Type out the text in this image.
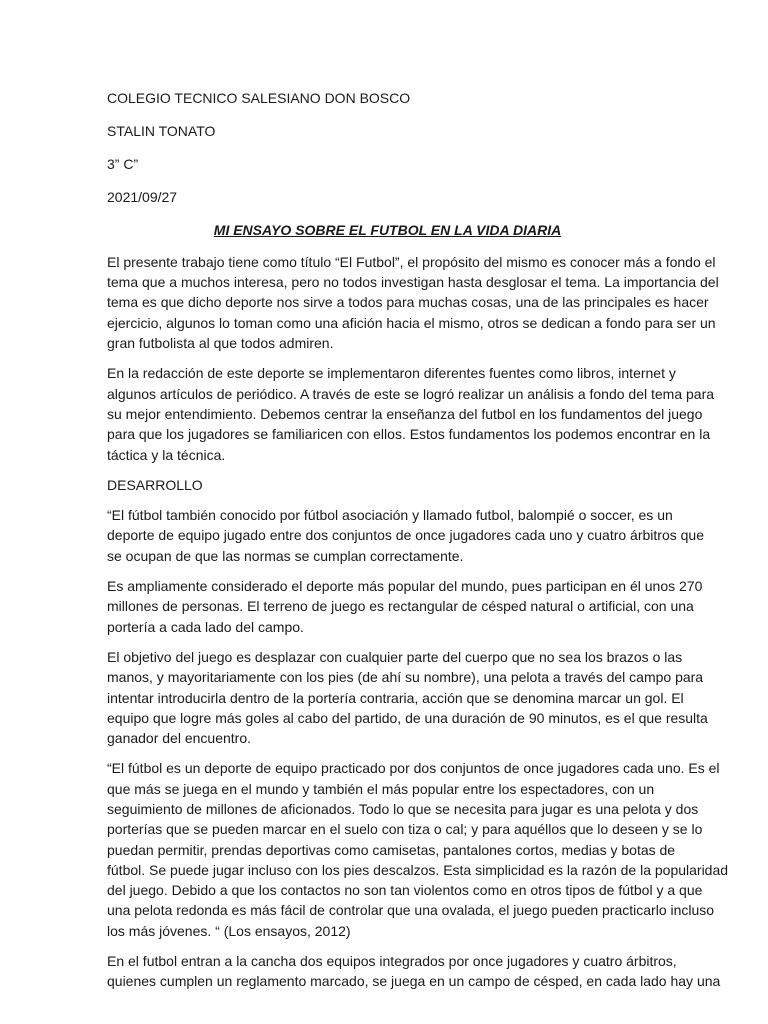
COLEGIO TECNICO SALESIANO DON BOSCO
STALIN TONATO
3” C”
2021/09/27
MI ENSAYO SOBRE EL FUTBOL EN LA VIDA DIARIA
El presente trabajo tiene como título “El Futbol”, el propósito del mismo es conocer más a fondo el
tema que a muchos interesa, pero no todos investigan hasta desglosar el tema. La importancia del
tema es que dicho deporte nos sirve a todos para muchas cosas, una de las principales es hacer
ejercicio, algunos lo toman como una afición hacia el mismo, otros se dedican a fondo para ser un
gran futbolista al que todos admiren.
En la redacción de este deporte se implementaron diferentes fuentes como libros, internet y
algunos artículos de periódico. A través de este se logró realizar un análisis a fondo del tema para
su mejor entendimiento. Debemos centrar la enseñanza del futbol en los fundamentos del juego
para que los jugadores se familiaricen con ellos. Estos fundamentos los podemos encontrar en la
táctica y la técnica.
DESARROLLO
“El fútbol también conocido por fútbol asociación y llamado futbol, balompié o soccer, es un
deporte de equipo jugado entre dos conjuntos de once jugadores cada uno y cuatro árbitros que
se ocupan de que las normas se cumplan correctamente.
Es ampliamente considerado el deporte más popular del mundo, pues participan en él unos 270
millones de personas. El terreno de juego es rectangular de césped natural o artificial, con una
portería a cada lado del campo.
El objetivo del juego es desplazar con cualquier parte del cuerpo que no sea los brazos o las
manos, y mayoritariamente con los pies (de ahí su nombre), una pelota a través del campo para
intentar introducirla dentro de la portería contraria, acción que se denomina marcar un gol. El
equipo que logre más goles al cabo del partido, de una duración de 90 minutos, es el que resulta
ganador del encuentro.
“El fútbol es un deporte de equipo practicado por dos conjuntos de once jugadores cada uno. Es el
que más se juega en el mundo y también el más popular entre los espectadores, con un
seguimiento de millones de aficionados. Todo lo que se necesita para jugar es una pelota y dos
porterías que se pueden marcar en el suelo con tiza o cal; y para aquéllos que lo deseen y se lo
puedan permitir, prendas deportivas como camisetas, pantalones cortos, medias y botas de
fútbol. Se puede jugar incluso con los pies descalzos. Esta simplicidad es la razón de la popularidad
del juego. Debido a que los contactos no son tan violentos como en otros tipos de fútbol y a que
una pelota redonda es más fácil de controlar que una ovalada, el juego pueden practicarlo incluso
los más jóvenes. “ (Los ensayos, 2012)
En el futbol entran a la cancha dos equipos integrados por once jugadores y cuatro árbitros,
quienes cumplen un reglamento marcado, se juega en un campo de césped, en cada lado hay una
